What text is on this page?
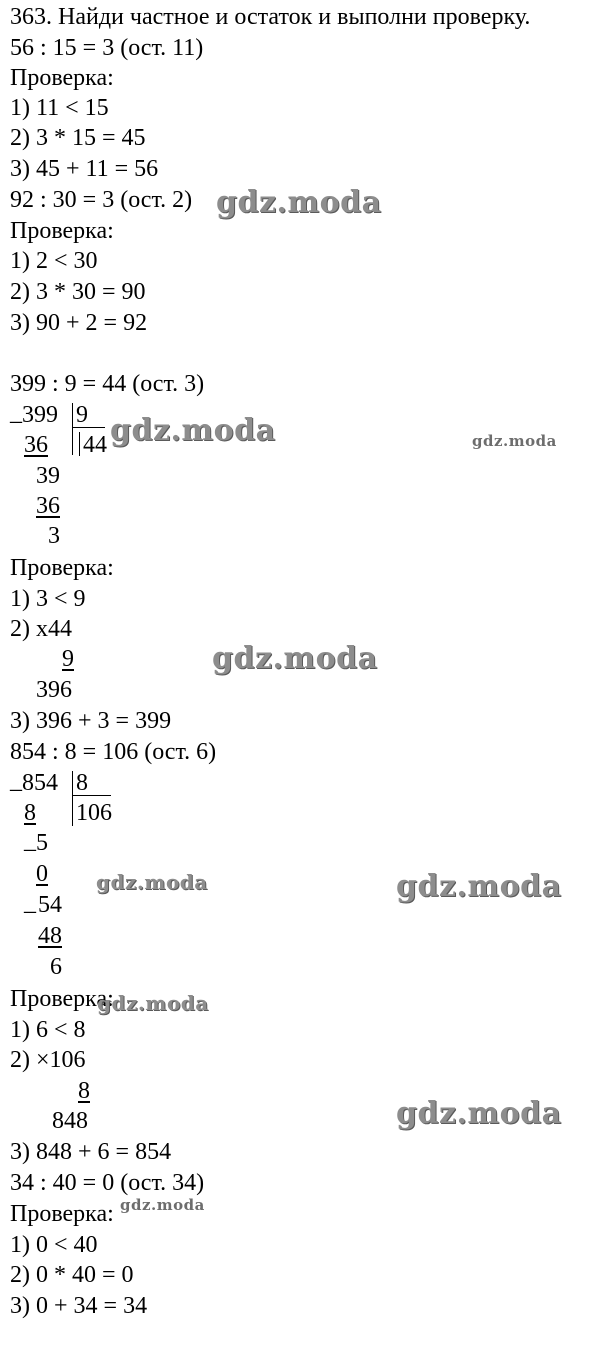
363. Найди частное и остаток и выполни проверку.
56 : 15 = 3 (ост. 11)
Проверка:
1) 11 < 15
2) 3 * 15 = 45
3) 45 + 11 = 56
92 : 30 = 3 (ост. 2)
Проверка:
1) 2 < 30
2) 3 * 30 = 90
3) 90 + 2 = 92
399 : 9 = 44 (ост. 3)
_ 399 9
44
36
39
36
3
Проверка:
1) 3 < 9
2) x44
9
396
3) 396 + 3 = 399
854 : 8 = 106 (ост. 6)
_ 854 8
106
8
_ 5
0
_ 54
48
6
Проверка:
1) 6 < 8
2) ×106
8
848
3) 848 + 6 = 854
34 : 40 = 0 (ост. 34)
Проверка:
1) 0 < 40
2) 0 * 40 = 0
3) 0 + 34 = 34
gdz.moda
gdz.moda	gdz.moda
gdz.moda
gdz.moda	gdz.moda
gdz.moda
gdz.moda
gdz.moda
